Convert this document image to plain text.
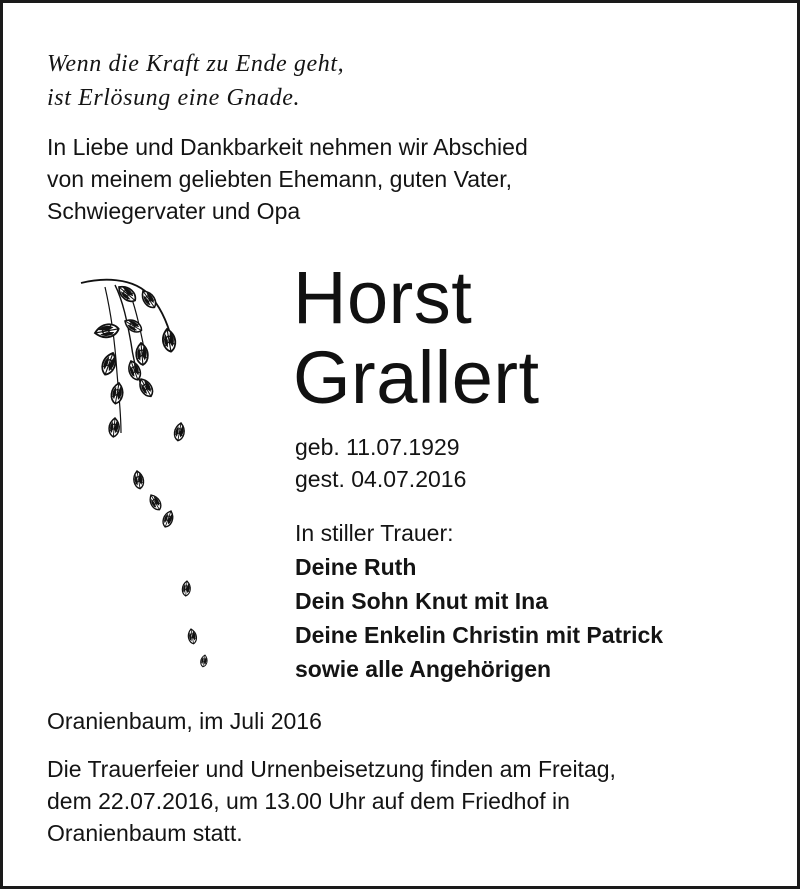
Wenn die Kraft zu Ende geht,
ist Erlösung eine Gnade.

In Liebe und Dankbarkeit nehmen wir Abschied
von meinem geliebten Ehemann, guten Vater,
Schwiegervater und Opa

Horst
Grallert

geb. 11.07.1929
gest. 04.07.2016

In stiller Trauer:
Deine Ruth
Dein Sohn Knut mit Ina
Deine Enkelin Christin mit Patrick
sowie alle Angehörigen

Oranienbaum, im Juli 2016

Die Trauerfeier und Urnenbeisetzung finden am Freitag,
dem 22.07.2016, um 13.00 Uhr auf dem Friedhof in
Oranienbaum statt.
